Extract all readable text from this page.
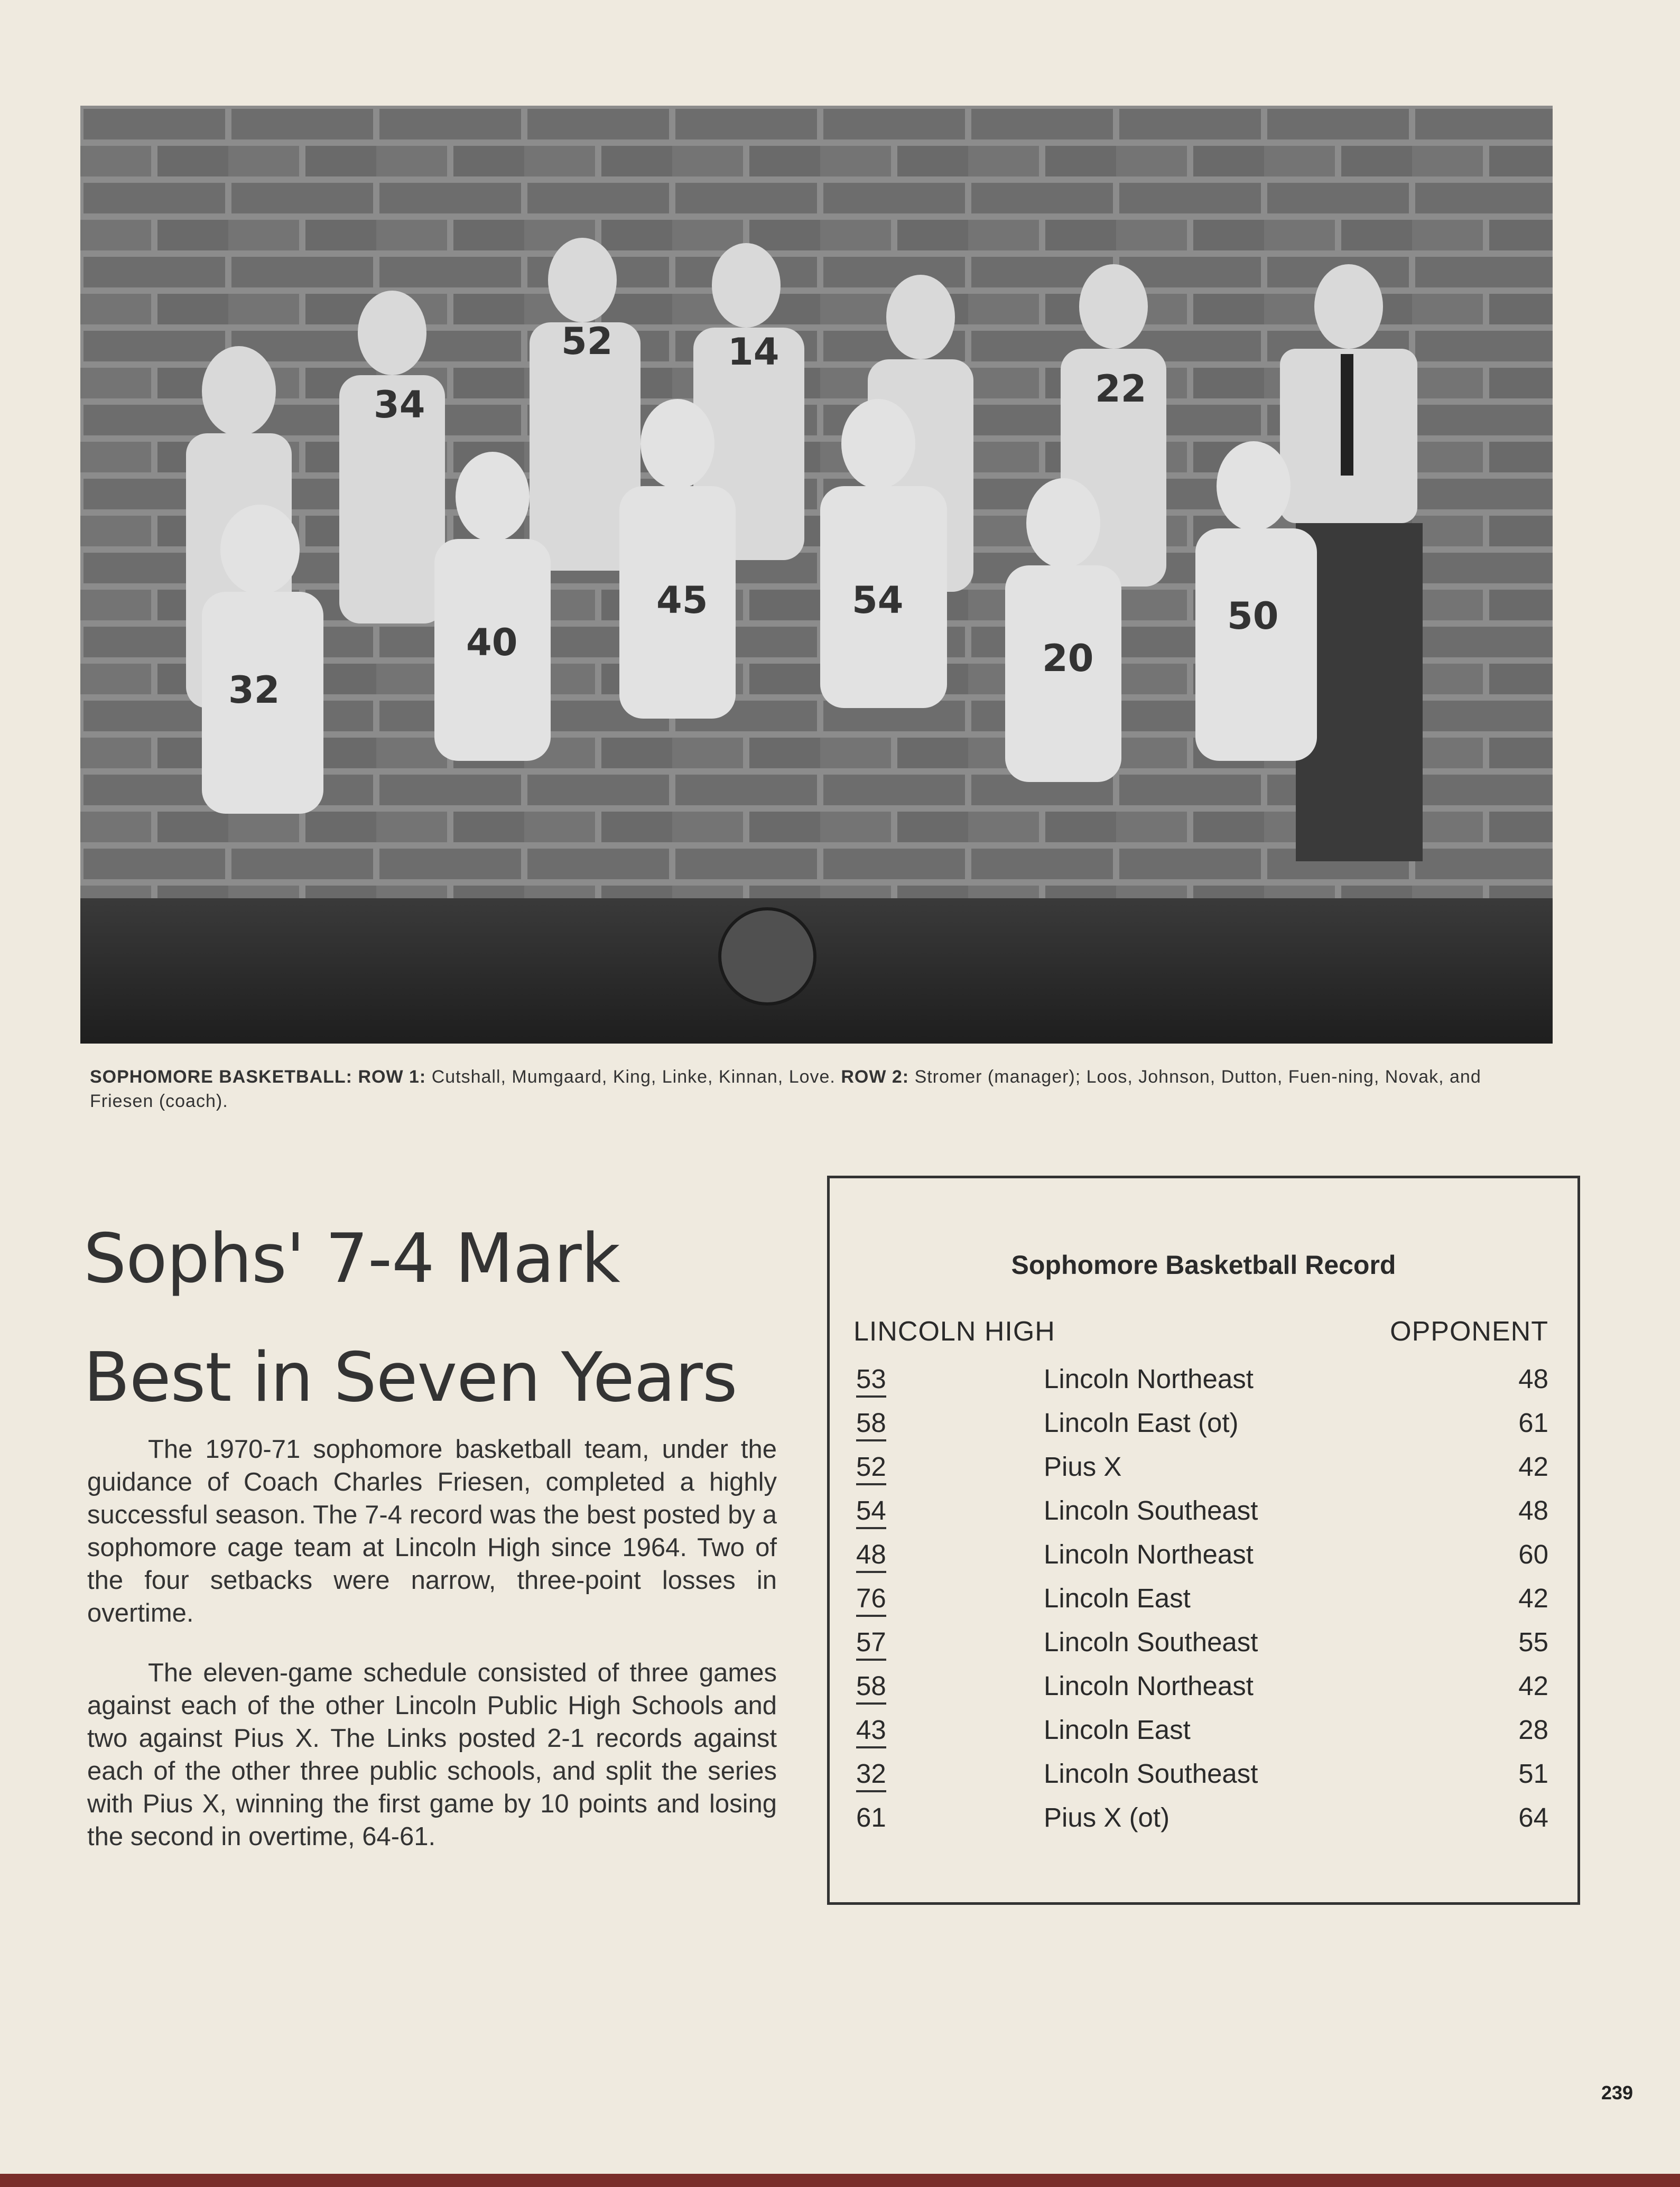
34
52	14
22
32
40
45	54
20
50
SOPHOMORE BASKETBALL: ROW 1: Cutshall, Mumgaard, King, Linke, Kinnan, Love. ROW 2: Stromer (manager); Loos, Johnson, Dutton, Fuen-ning, Novak, and Friesen (coach).
Sophs' 7-4 Mark
Best in Seven Years

The 1970-71 sophomore basketball team, under the guidance of Coach Charles Friesen, completed a highly successful season. The 7-4 record was the best posted by a sophomore cage team at Lincoln High since 1964. Two of the four setbacks were narrow, three-point losses in overtime.

The eleven-game schedule consisted of three games against each of the other Lincoln Public High Schools and two against Pius X. The Links posted 2-1 records against each of the other three public schools, and split the series with Pius X, winning the first game by 10 points and losing the second in overtime, 64-61.

Sophomore Basketball Record
LINCOLN HIGH	OPPONENT
53	Lincoln Northeast	48
58	Lincoln East (ot)	61
52	Pius X	42
54	Lincoln Southeast	48
48	Lincoln Northeast	60
76	Lincoln East	42
57	Lincoln Southeast	55
58	Lincoln Northeast	42
43	Lincoln East	28
32	Lincoln Southeast	51
61	Pius X (ot)	64
239
